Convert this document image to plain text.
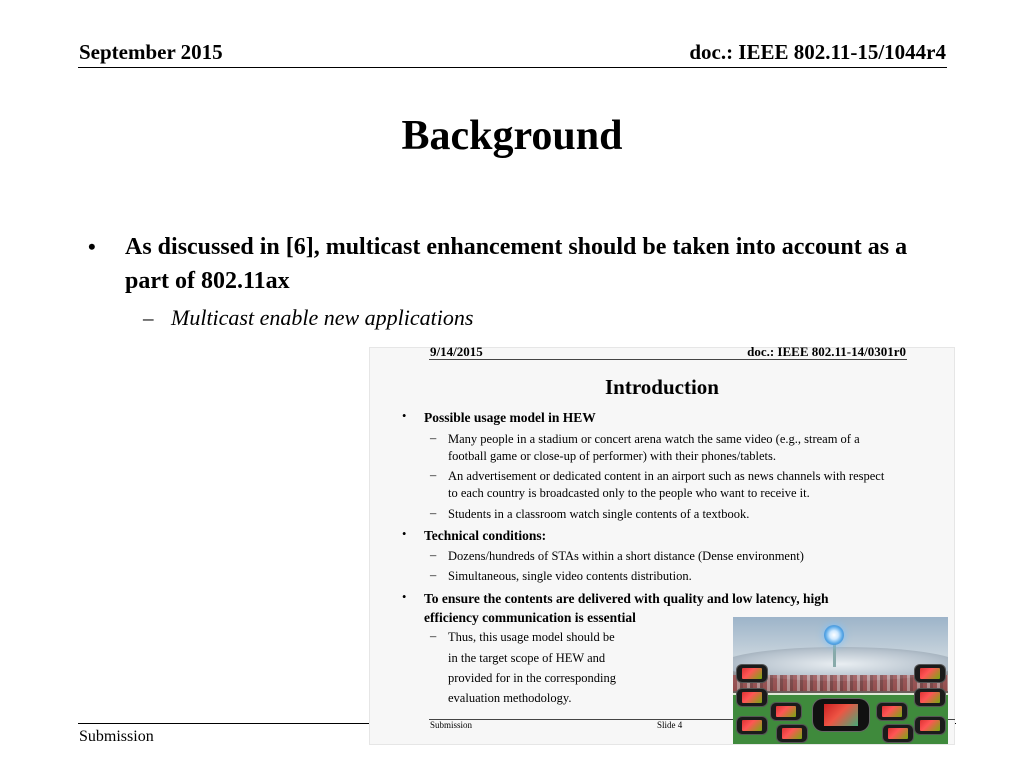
September 2015	doc.: IEEE 802.11-15/1044r4
Background
• As discussed in [6], multicast enhancement should be taken into account as a part of 802.11ax
– Multicast enable new applications
Submission
9/14/2015	doc.: IEEE 802.11-14/0301r0
Introduction
• Possible usage model in HEW
– Many people in a stadium or concert arena watch the same video (e.g., stream of a
football game or close-up of performer) with their phones/tablets.
– An advertisement or dedicated content in an airport such as news channels with respect
to each country is broadcasted only to the people who want to receive it.
– Students in a classroom watch single contents of a textbook.
• Technical conditions:
– Dozens/hundreds of STAs within a short distance (Dense environment)
– Simultaneous, single video contents distribution.
• To ensure the contents are delivered with quality and low latency, high
efficiency communication is essential
– Thus, this usage model should be
in the target scope of HEW and
provided for in the corresponding
evaluation methodology.
Submission	Slide 4
